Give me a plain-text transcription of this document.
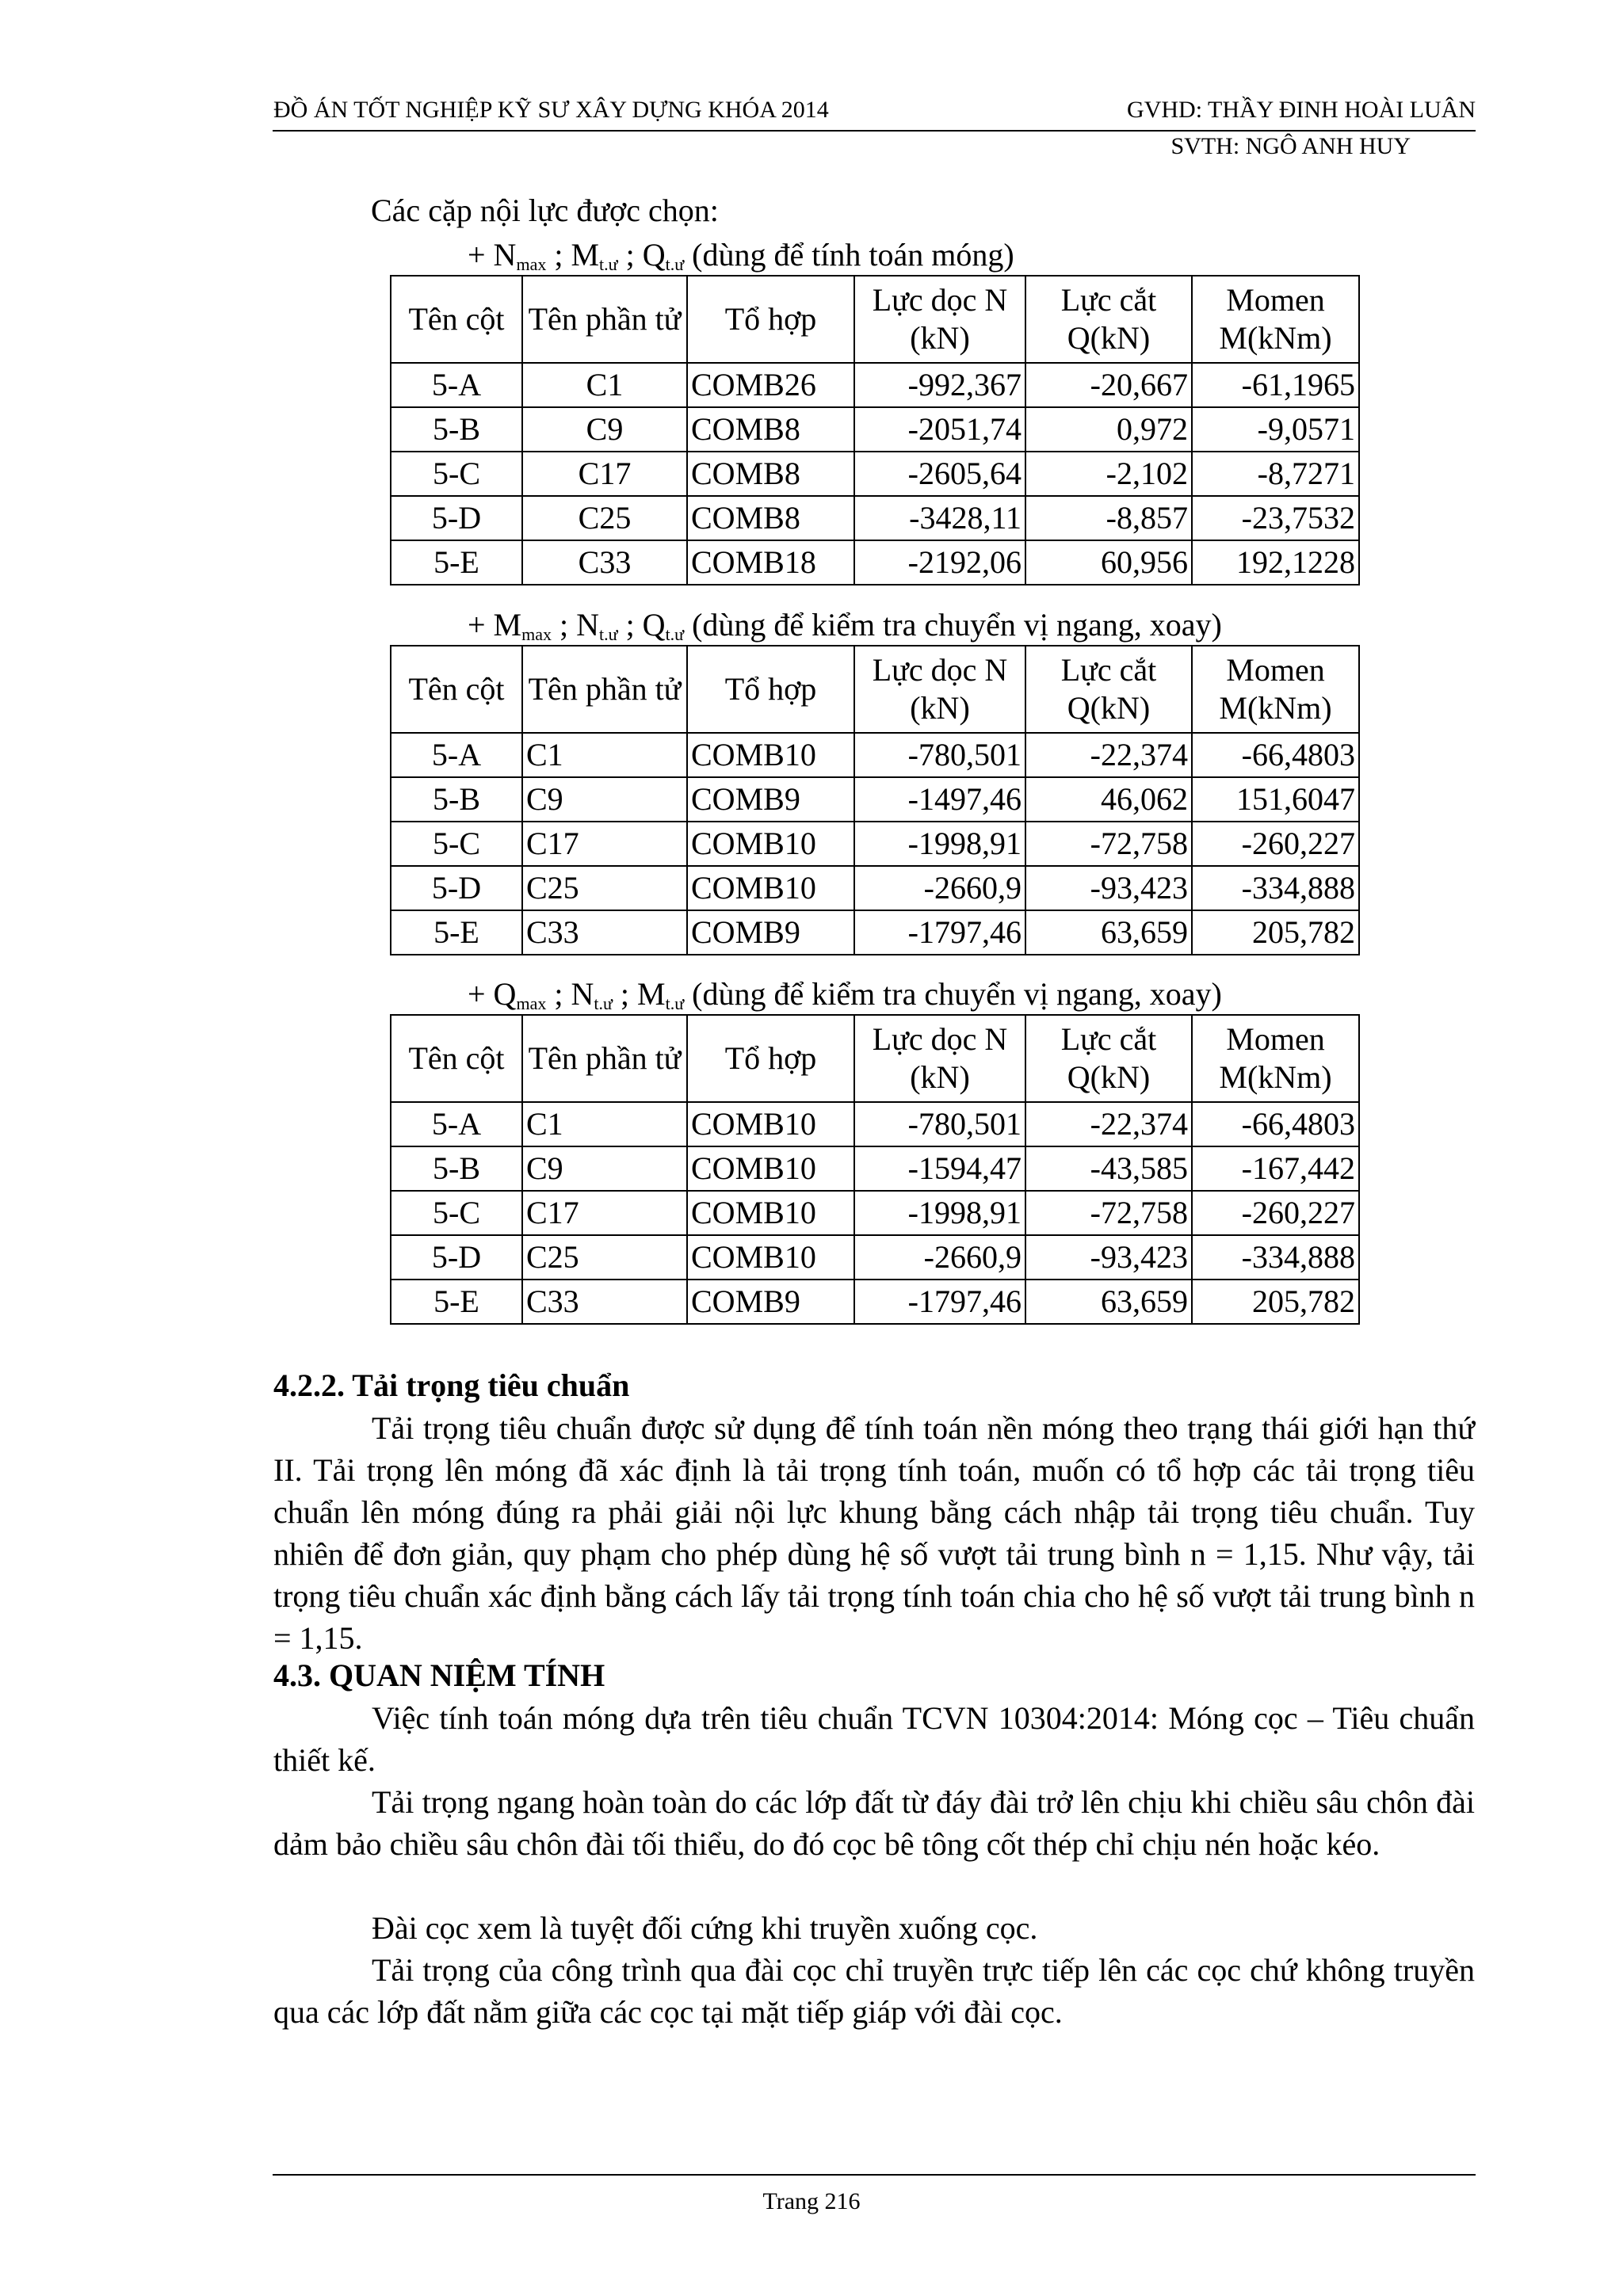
ĐỒ ÁN TỐT NGHIỆP KỸ SƯ XÂY DỰNG KHÓA 2014	GVHD: THẦY ĐINH HOÀI LUÂN
SVTH: NGÔ ANH HUY
Các cặp nội lực được chọn:
+ $N_{max}$ ; $M_{t.ư}$ ; $Q_{t.ư}$ (dùng để tính toán móng)
Tên cột	Tên phần tử	Tổ hợp	Lực dọc N (kN)	Lực cắt Q(kN)	Momen M(kNm)
5-A	C1	COMB26	-992,367	-20,667	-61,1965
5-B	C9	COMB8	-2051,74	0,972	-9,0571
5-C	C17	COMB8	-2605,64	-2,102	-8,7271
5-D	C25	COMB8	-3428,11	-8,857	-23,7532
5-E	C33	COMB18	-2192,06	60,956	192,1228
+ $M_{max}$ ; $N_{t.ư}$ ; $Q_{t.ư}$ (dùng để kiểm tra chuyển vị ngang, xoay)
Tên cột	Tên phần tử	Tổ hợp	Lực dọc N (kN)	Lực cắt Q(kN)	Momen M(kNm)
5-A	C1	COMB10	-780,501	-22,374	-66,4803
5-B	C9	COMB9	-1497,46	46,062	151,6047
5-C	C17	COMB10	-1998,91	-72,758	-260,227
5-D	C25	COMB10	-2660,9	-93,423	-334,888
5-E	C33	COMB9	-1797,46	63,659	205,782
+ $Q_{max}$ ; $N_{t.ư}$ ; $M_{t.ư}$ (dùng để kiểm tra chuyển vị ngang, xoay)
Tên cột	Tên phần tử	Tổ hợp	Lực dọc N (kN)	Lực cắt Q(kN)	Momen M(kNm)
5-A	C1	COMB10	-780,501	-22,374	-66,4803
5-B	C9	COMB10	-1594,47	-43,585	-167,442
5-C	C17	COMB10	-1998,91	-72,758	-260,227
5-D	C25	COMB10	-2660,9	-93,423	-334,888
5-E	C33	COMB9	-1797,46	63,659	205,782
4.2.2. Tải trọng tiêu chuẩn

Tải trọng tiêu chuẩn được sử dụng để tính toán nền móng theo trạng thái giới hạn thứ II. Tải trọng lên móng đã xác định là tải trọng tính toán, muốn có tổ hợp các tải trọng tiêu chuẩn lên móng đúng ra phải giải nội lực khung bằng cách nhập tải trọng tiêu chuẩn. Tuy nhiên để đơn giản, quy phạm cho phép dùng hệ số vượt tải trung bình n = 1,15. Như vậy, tải trọng tiêu chuẩn xác định bằng cách lấy tải trọng tính toán chia cho hệ số vượt tải trung bình n = 1,15.

4.3. QUAN NIỆM TÍNH

Việc tính toán móng dựa trên tiêu chuẩn TCVN 10304:2014: Móng cọc – Tiêu chuẩn thiết kế.

Tải trọng ngang hoàn toàn do các lớp đất từ đáy đài trở lên chịu khi chiều sâu chôn đài dảm bảo chiều sâu chôn đài tối thiểu, do đó cọc bê tông cốt thép chỉ chịu nén hoặc kéo.

Đài cọc xem là tuyệt đối cứng khi truyền xuống cọc.

Tải trọng của công trình qua đài cọc chỉ truyền trực tiếp lên các cọc chứ không truyền qua các lớp đất nằm giữa các cọc tại mặt tiếp giáp với đài cọc.

Trang 216
